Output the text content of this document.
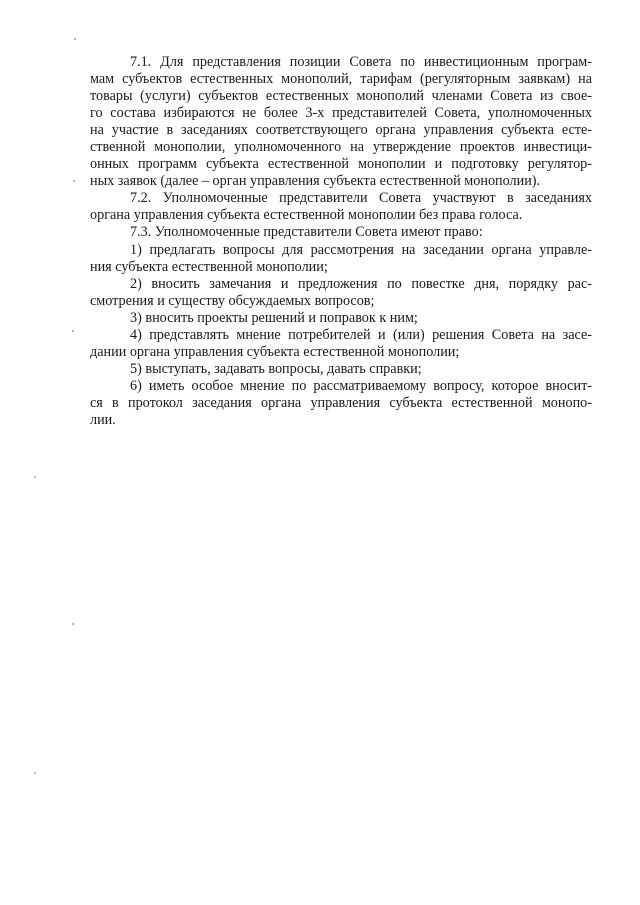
7.1. Для представления позиции Совета по инвестиционным програм-
мам субъектов естественных монополий, тарифам (регуляторным заявкам) на
товары (услуги) субъектов естественных монополий членами Совета из свое-
го состава избираются не более 3-х представителей Совета, уполномоченных
на участие в заседаниях соответствующего органа управления субъекта есте-
ственной монополии, уполномоченного на утверждение проектов инвестици-
онных программ субъекта естественной монополии и подготовку регулятор-
ных заявок (далее – орган управления субъекта естественной монополии).
7.2. Уполномоченные представители Совета участвуют в заседаниях
органа управления субъекта естественной монополии без права голоса.
7.3. Уполномоченные представители Совета имеют право:
1) предлагать вопросы для рассмотрения на заседании органа управле-
ния субъекта естественной монополии;
2) вносить замечания и предложения по повестке дня, порядку рас-
смотрения и существу обсуждаемых вопросов;
3) вносить проекты решений и поправок к ним;
4) представлять мнение потребителей и (или) решения Совета на засе-
дании органа управления субъекта естественной монополии;
5) выступать, задавать вопросы, давать справки;
6) иметь особое мнение по рассматриваемому вопросу, которое вносит-
ся в протокол заседания органа управления субъекта естественной монопо-
лии.
